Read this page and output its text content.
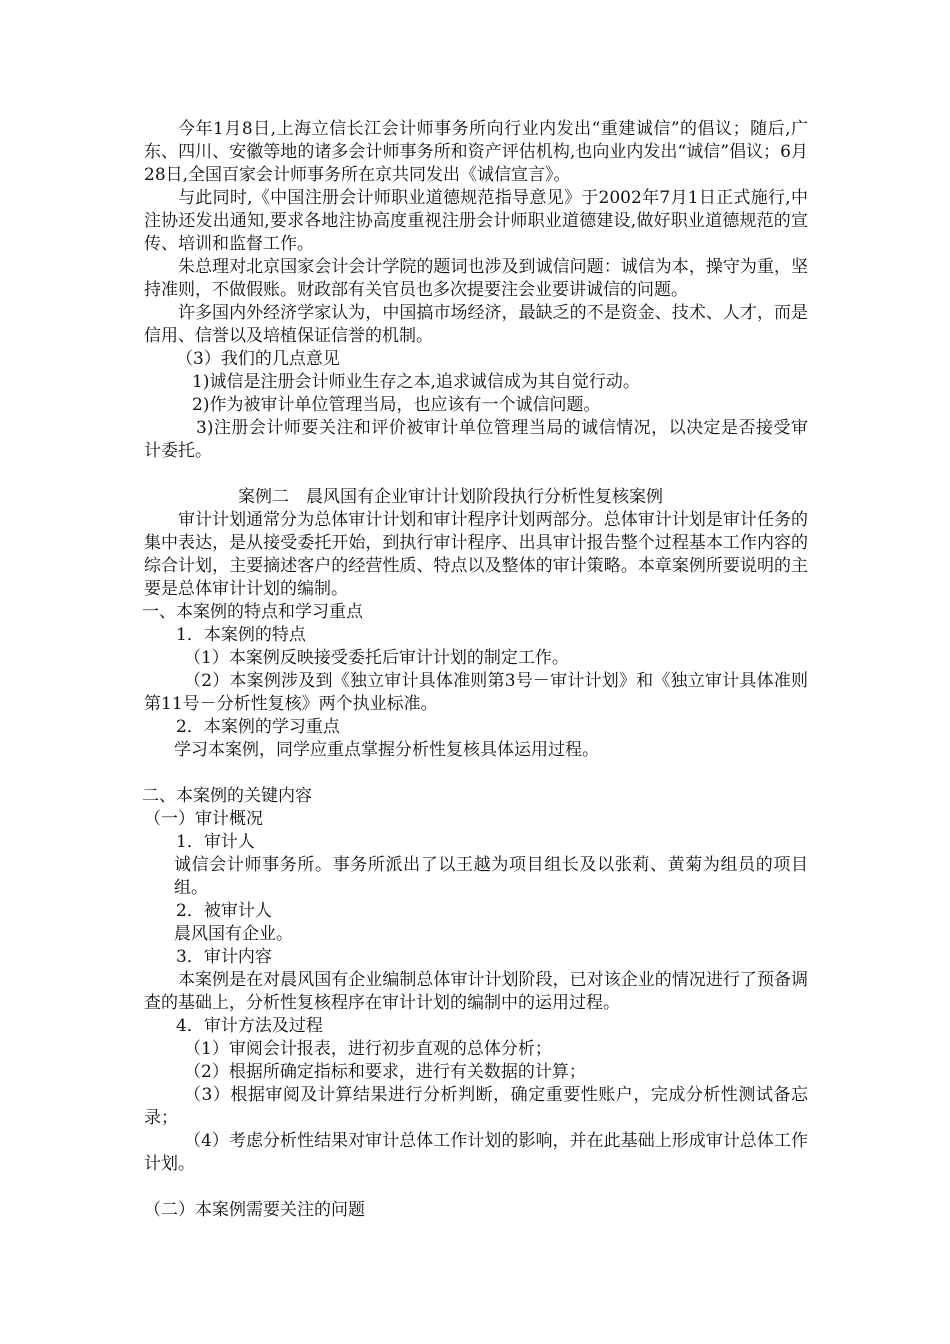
今年1月8日,上海立信长江会计师事务所向行业内发出“重建诚信”的倡议；随后,广东、四川、安徽等地的诸多会计师事务所和资产评估机构,也向业内发出“诚信”倡议；6月28日,全国百家会计师事务所在京共同发出《诚信宣言》。

与此同时,《中国注册会计师职业道德规范指导意见》于2002年7月1日正式施行,中注协还发出通知,要求各地注协高度重视注册会计师职业道德建设,做好职业道德规范的宣传、培训和监督工作。

朱总理对北京国家会计会计学院的题词也涉及到诚信问题：诚信为本，操守为重，坚持准则，不做假账。财政部有关官员也多次提要注会业要讲诚信的问题。

许多国内外经济学家认为，中国搞市场经济，最缺乏的不是资金、技术、人才，而是信用、信誉以及培植保证信誉的机制。

（3）我们的几点意见

1)诚信是注册会计师业生存之本,追求诚信成为其自觉行动。

2)作为被审计单位管理当局，也应该有一个诚信问题。

3)注册会计师要关注和评价被审计单位管理当局的诚信情况，以决定是否接受审计委托。

案例二　晨风国有企业审计计划阶段执行分析性复核案例

审计计划通常分为总体审计计划和审计程序计划两部分。总体审计计划是审计任务的集中表达，是从接受委托开始，到执行审计程序、出具审计报告整个过程基本工作内容的综合计划，主要摘述客户的经营性质、特点以及整体的审计策略。本章案例所要说明的主要是总体审计计划的编制。

一、本案例的特点和学习重点

1．本案例的特点

（1）本案例反映接受委托后审计计划的制定工作。

（2）本案例涉及到《独立审计具体准则第3号－审计计划》和《独立审计具体准则第11号－分析性复核》两个执业标准。

2．本案例的学习重点

学习本案例，同学应重点掌握分析性复核具体运用过程。

二、本案例的关键内容

（一）审计概况

1．审计人

诚信会计师事务所。事务所派出了以王越为项目组长及以张莉、黄菊为组员的项目组。

2．被审计人

晨风国有企业。

3．审计内容

本案例是在对晨风国有企业编制总体审计计划阶段，已对该企业的情况进行了预备调查的基础上，分析性复核程序在审计计划的编制中的运用过程。

4．审计方法及过程

（1）审阅会计报表，进行初步直观的总体分析；

（2）根据所确定指标和要求，进行有关数据的计算；

（3）根据审阅及计算结果进行分析判断，确定重要性账户，完成分析性测试备忘录；

（4）考虑分析性结果对审计总体工作计划的影响，并在此基础上形成审计总体工作计划。

（二）本案例需要关注的问题
